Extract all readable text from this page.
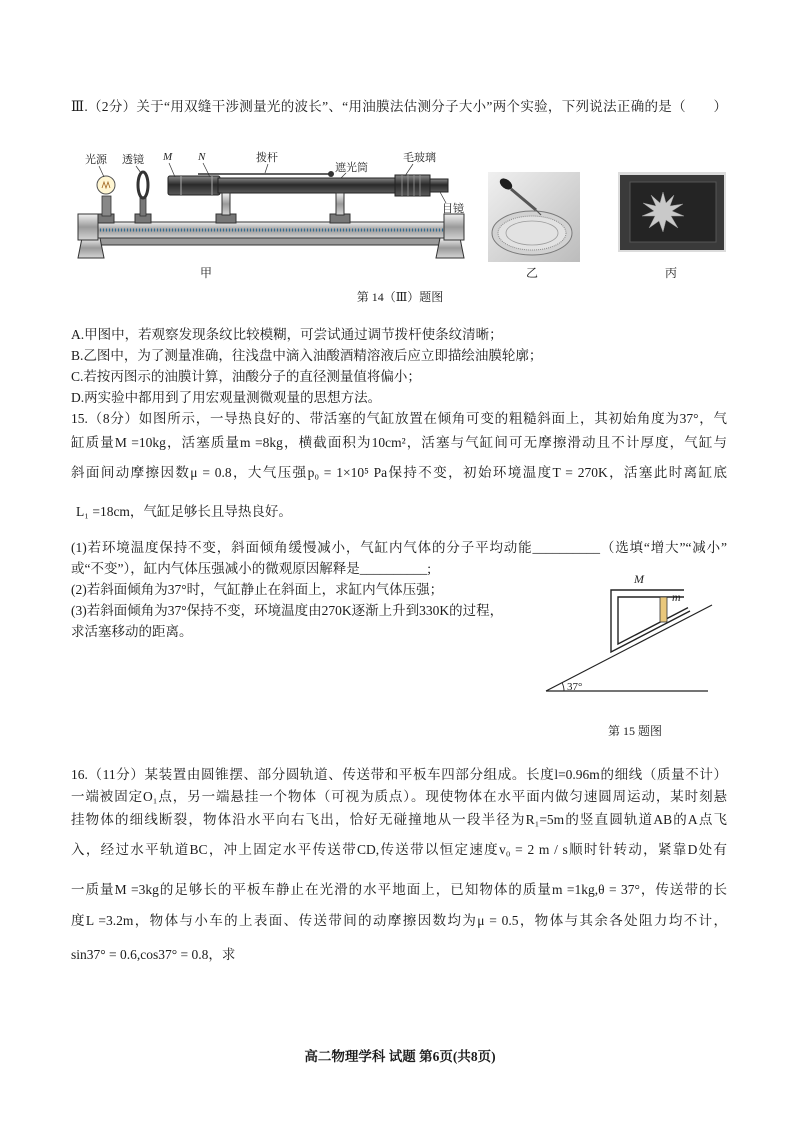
Ⅲ.（2分）关于“用双缝干涉测量光的波长”、“用油膜法估测分子大小”两个实验，下列说法正确的是（　　）
第 14（Ⅲ）题图
A.甲图中，若观察发现条纹比较模糊，可尝试通过调节拨杆使条纹清晰；
B.乙图中，为了测量准确，往浅盘中滴入油酸酒精溶液后应立即描绘油膜轮廓；
C.若按丙图示的油膜计算，油酸分子的直径测量值将偏小；
D.两实验中都用到了用宏观量测微观量的思想方法。
15.（8分）如图所示，一导热良好的、带活塞的气缸放置在倾角可变的粗糙斜面上，其初始角度为37°，气
缸质量M =10kg，活塞质量m =8kg，横截面积为10cm²，活塞与气缸间可无摩擦滑动且不计厚度，气缸与
斜面间动摩擦因数μ = 0.8，大气压强p₀ = 1×10⁵ Pa保持不变，初始环境温度T = 270K，活塞此时离缸底
L₁ =18cm，气缸足够长且导热良好。
(1)若环境温度保持不变，斜面倾角缓慢减小，气缸内气体的分子平均动能__________（选填“增大”“减小”
或“不变”），缸内气体压强减小的微观原因解释是__________;
(2)若斜面倾角为37°时，气缸静止在斜面上，求缸内气体压强；
(3)若斜面倾角为37°保持不变，环境温度由270K逐渐上升到330K的过程，
求活塞移动的距离。
第 15 题图
16.（11分）某装置由圆锥摆、部分圆轨道、传送带和平板车四部分组成。长度l=0.96m的细线（质量不计）
一端被固定O₁点，另一端悬挂一个物体（可视为质点）。现使物体在水平面内做匀速圆周运动，某时刻悬
挂物体的细线断裂，物体沿水平向右飞出，恰好无碰撞地从一段半径为R₁=5m的竖直圆轨道AB的A点飞
入，经过水平轨道BC，冲上固定水平传送带CD,传送带以恒定速度v₀ = 2 m / s顺时针转动，紧靠D处有
一质量M =3kg的足够长的平板车静止在光滑的水平地面上，已知物体的质量m =1kg,θ = 37°，传送带的长
度L =3.2m，物体与小车的上表面、传送带间的动摩擦因数均为μ = 0.5，物体与其余各处阻力均不计，
sin37° = 0.6,cos37° = 0.8，求
高二物理学科 试题 第6页(共8页)
光源 透镜 M N	拨杆
遮光筒
毛玻璃
目镜
甲	乙	丙
M
m
37°
